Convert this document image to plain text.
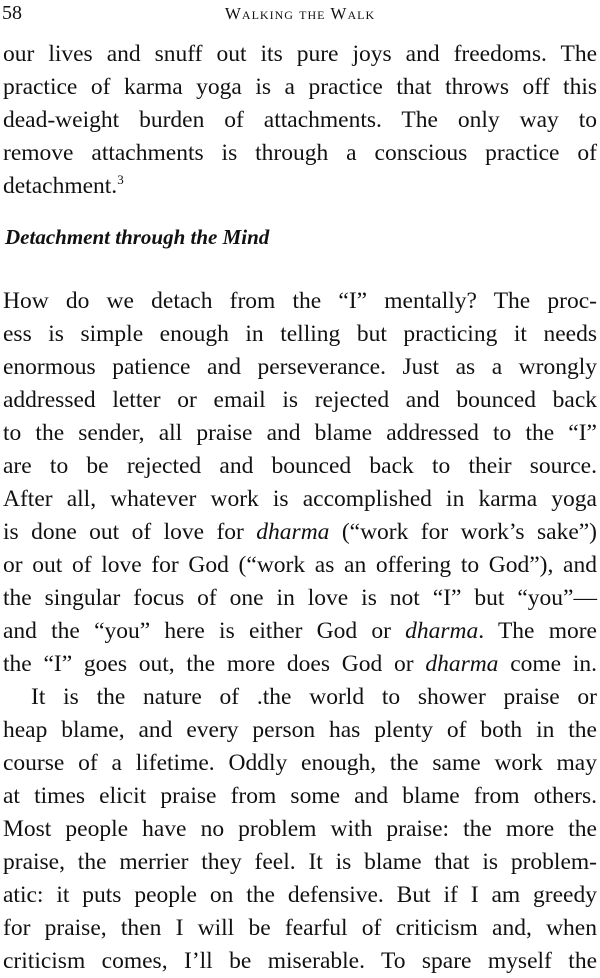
58	Walking the Walk
our lives and snuff out its pure joys and freedoms. The
practice of karma yoga is a practice that throws off this
dead-weight burden of attachments. The only way to
remove attachments is through a conscious practice of
detachment.$^3$
Detachment through the Mind
How do we detach from the “I” mentally? The proc-
ess is simple enough in telling but practicing it needs
enormous patience and perseverance. Just as a wrongly
addressed letter or email is rejected and bounced back
to the sender, all praise and blame addressed to the “I”
are to be rejected and bounced back to their source.
After all, whatever work is accomplished in karma yoga
is done out of love for dharma (“work for work’s sake”)
or out of love for God (“work as an offering to God”), and
the singular focus of one in love is not “I” but “you”—
and the “you” here is either God or dharma. The more
the “I” goes out, the more does God or dharma come in.
It is the nature of .the world to shower praise or
heap blame, and every person has plenty of both in the
course of a lifetime. Oddly enough, the same work may
at times elicit praise from some and blame from others.
Most people have no problem with praise: the more the
praise, the merrier they feel. It is blame that is problem-
atic: it puts people on the defensive. But if I am greedy
for praise, then I will be fearful of criticism and, when
criticism comes, I’ll be miserable. To spare myself the
